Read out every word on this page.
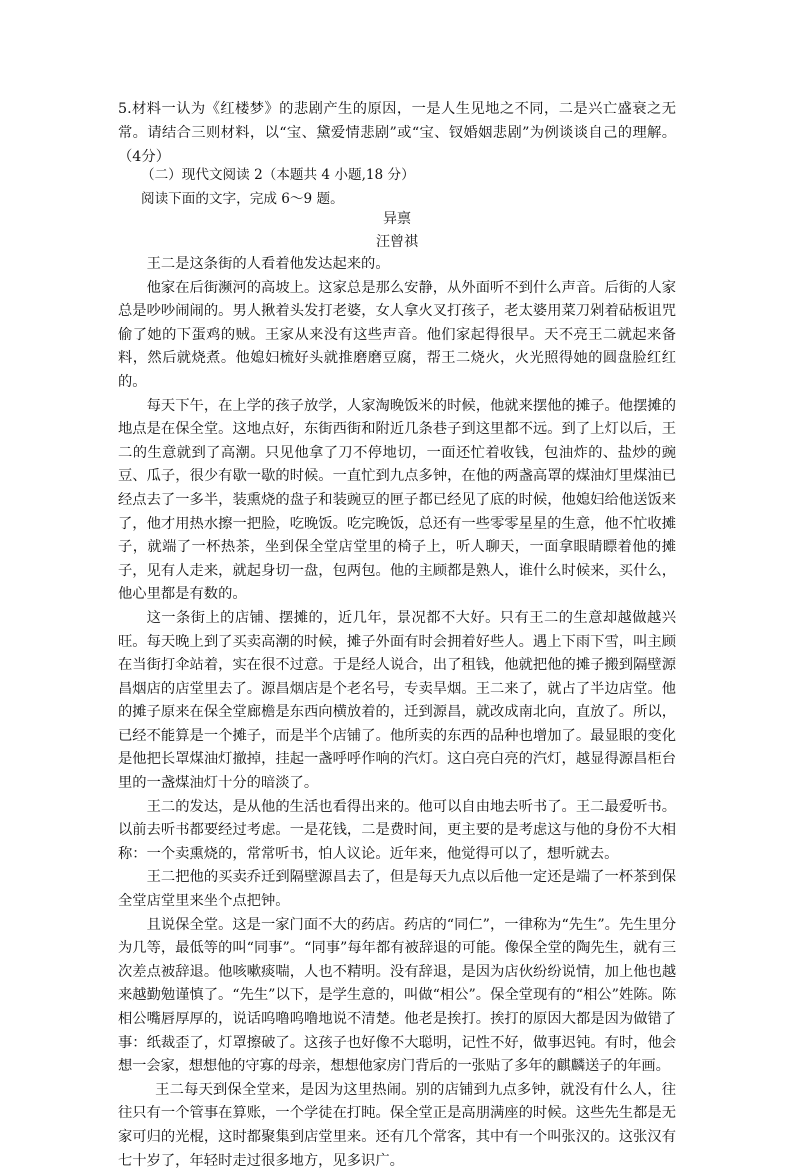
5.材料一认为《红楼梦》的悲剧产生的原因，一是人生见地之不同，二是兴亡盛衰之无常。请结合三则材料，以“宝、黛爱情悲剧”或“宝、钗婚姻悲剧”为例谈谈自己的理解。（4分）

（二）现代文阅读 2（本题共 4 小题,18 分）

阅读下面的文字，完成 6～9 题。

异禀
汪曾祺

王二是这条街的人看着他发达起来的。

他家在后街濒河的高坡上。这家总是那么安静，从外面听不到什么声音。后街的人家总是吵吵闹闹的。男人揪着头发打老婆，女人拿火叉打孩子，老太婆用菜刀剁着砧板诅咒偷了她的下蛋鸡的贼。王家从来没有这些声音。他们家起得很早。天不亮王二就起来备料，然后就烧煮。他媳妇梳好头就推磨磨豆腐，帮王二烧火，火光照得她的圆盘脸红红的。

每天下午，在上学的孩子放学，人家淘晚饭米的时候，他就来摆他的摊子。他摆摊的地点是在保全堂。这地点好，东街西街和附近几条巷子到这里都不远。到了上灯以后，王二的生意就到了高潮。只见他拿了刀不停地切，一面还忙着收钱，包油炸的、盐炒的豌豆、瓜子，很少有歇一歇的时候。一直忙到九点多钟，在他的两盏高罩的煤油灯里煤油已经点去了一多半，装熏烧的盘子和装豌豆的匣子都已经见了底的时候，他媳妇给他送饭来了，他才用热水擦一把脸，吃晚饭。吃完晚饭，总还有一些零零星星的生意，他不忙收摊子，就端了一杯热茶，坐到保全堂店堂里的椅子上，听人聊天，一面拿眼睛瞟着他的摊子，见有人走来，就起身切一盘，包两包。他的主顾都是熟人，谁什么时候来，买什么，他心里都是有数的。

这一条街上的店铺、摆摊的，近几年，景况都不大好。只有王二的生意却越做越兴旺。每天晚上到了买卖高潮的时候，摊子外面有时会拥着好些人。遇上下雨下雪，叫主顾在当街打伞站着，实在很不过意。于是经人说合，出了租钱，他就把他的摊子搬到隔壁源昌烟店的店堂里去了。源昌烟店是个老名号，专卖旱烟。王二来了，就占了半边店堂。他的摊子原来在保全堂廊檐是东西向横放着的，迁到源昌，就改成南北向，直放了。所以，已经不能算是一个摊子，而是半个店铺了。他所卖的东西的品种也增加了。最显眼的变化是他把长罩煤油灯撤掉，挂起一盏呼呼作响的汽灯。这白亮白亮的汽灯，越显得源昌柜台里的一盏煤油灯十分的暗淡了。

王二的发达，是从他的生活也看得出来的。他可以自由地去听书了。王二最爱听书。以前去听书都要经过考虑。一是花钱，二是费时间，更主要的是考虑这与他的身份不大相称：一个卖熏烧的，常常听书，怕人议论。近年来，他觉得可以了，想听就去。

王二把他的买卖乔迁到隔壁源昌去了，但是每天九点以后他一定还是端了一杯茶到保全堂店堂里来坐个点把钟。

且说保全堂。这是一家门面不大的药店。药店的“同仁”，一律称为“先生”。先生里分为几等，最低等的叫“同事”。“同事”每年都有被辞退的可能。像保全堂的陶先生，就有三次差点被辞退。他咳嗽痰喘，人也不精明。没有辞退，是因为店伙纷纷说情，加上他也越来越勤勉谨慎了。“先生”以下，是学生意的，叫做“相公”。保全堂现有的“相公”姓陈。陈相公嘴唇厚厚的，说话呜噜呜噜地说不清楚。他老是挨打。挨打的原因大都是因为做错了事：纸裁歪了，灯罩擦破了。这孩子也好像不大聪明，记性不好，做事迟钝。有时，他会想一会家，想想他的守寡的母亲，想想他家房门背后的一张贴了多年的麒麟送子的年画。

王二每天到保全堂来，是因为这里热闹。别的店铺到九点多钟，就没有什么人，往往只有一个管事在算账，一个学徒在打盹。保全堂正是高朋满座的时候。这些先生都是无家可归的光棍，这时都聚集到店堂里来。还有几个常客，其中有一个叫张汉的。这张汉有七十岁了，年轻时走过很多地方，见多识广。
